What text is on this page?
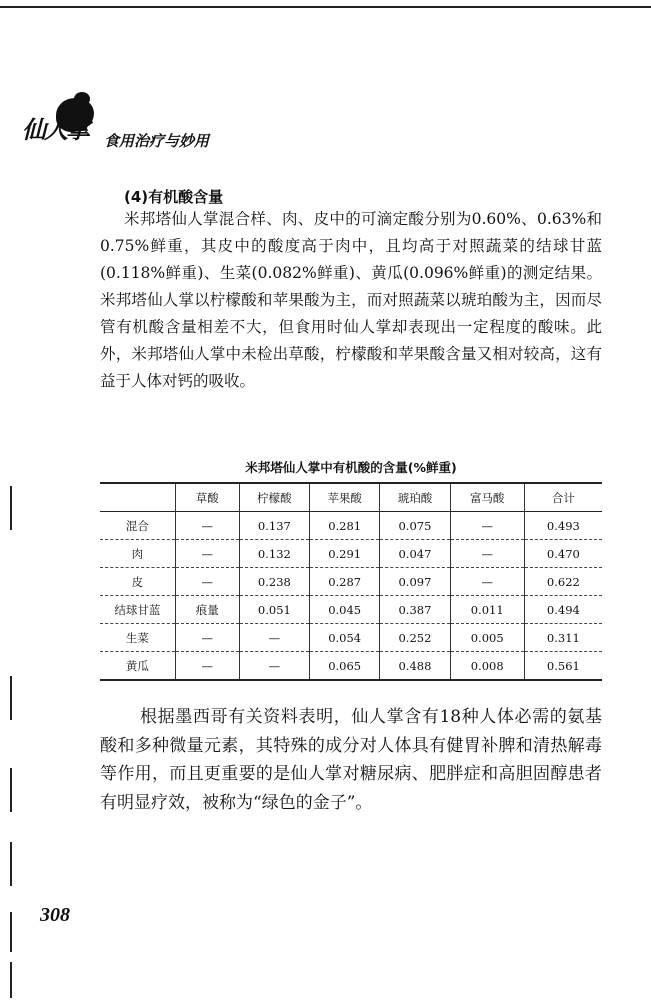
仙人掌 食用治疗与妙用
(4)有机酸含量

米邦塔仙人掌混合样、肉、皮中的可滴定酸分别为0.60%、0.63%和0.75%鲜重，其皮中的酸度高于肉中，且均高于对照蔬菜的结球甘蓝(0.118%鲜重)、生菜(0.082%鲜重)、黄瓜(0.096%鲜重)的测定结果。米邦塔仙人掌以柠檬酸和苹果酸为主，而对照蔬菜以琥珀酸为主，因而尽管有机酸含量相差不大，但食用时仙人掌却表现出一定程度的酸味。此外，米邦塔仙人掌中未检出草酸，柠檬酸和苹果酸含量又相对较高，这有益于人体对钙的吸收。

米邦塔仙人掌中有机酸的含量(%鲜重)
	草酸	柠檬酸	苹果酸	琥珀酸	富马酸	合计
混合	—	0.137	0.281	0.075	—	0.493
肉	—	0.132	0.291	0.047	—	0.470
皮	—	0.238	0.287	0.097	—	0.622
结球甘蓝	痕量	0.051	0.045	0.387	0.011	0.494
生菜	—	—	0.054	0.252	0.005	0.311
黄瓜	—	—	0.065	0.488	0.008	0.561

根据墨西哥有关资料表明，仙人掌含有18种人体必需的氨基酸和多种微量元素，其特殊的成分对人体具有健胃补脾和清热解毒等作用，而且更重要的是仙人掌对糖尿病、肥胖症和高胆固醇患者有明显疗效，被称为“绿色的金子”。

308
